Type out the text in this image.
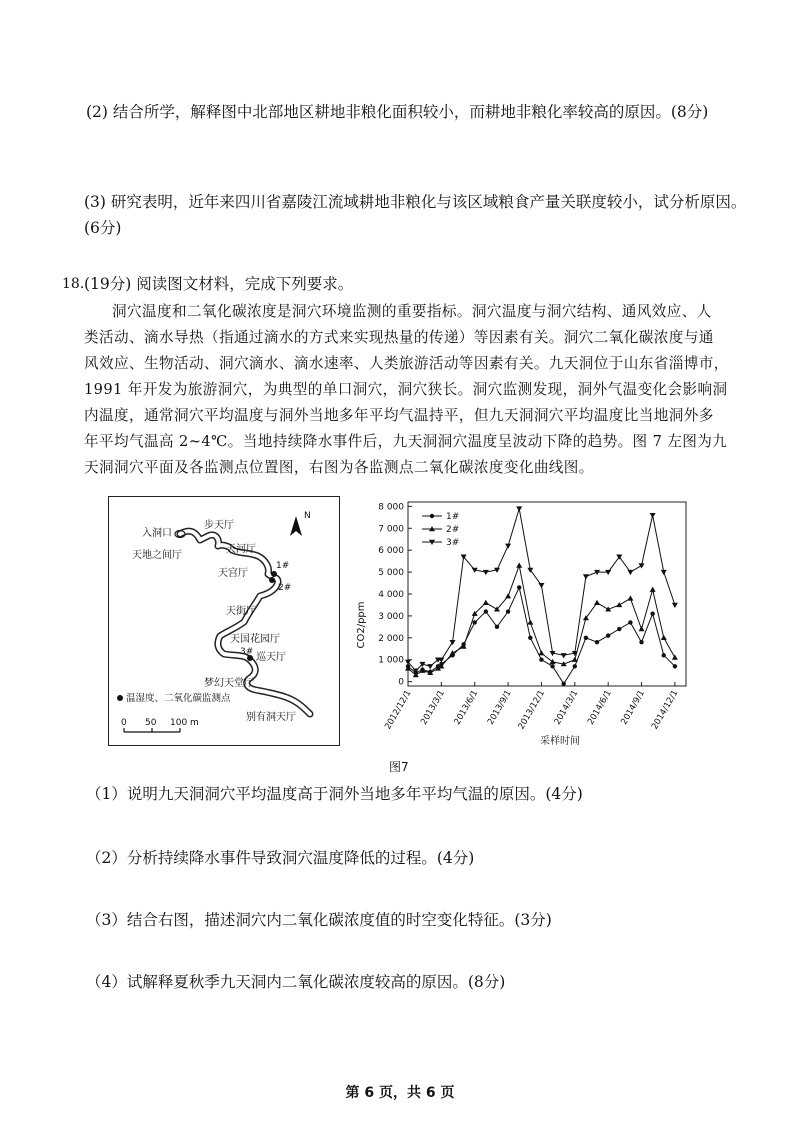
(2) 结合所学，解释图中北部地区耕地非粮化面积较小，而耕地非粮化率较高的原因。(8分)
(3) 研究表明，近年来四川省嘉陵江流域耕地非粮化与该区域粮食产量关联度较小，试分析原因。
(6分)
18. (19分) 阅读图文材料，完成下列要求。
洞穴温度和二氧化碳浓度是洞穴环境监测的重要指标。洞穴温度与洞穴结构、通风效应、人
类活动、滴水导热（指通过滴水的方式来实现热量的传递）等因素有关。洞穴二氧化碳浓度与通
风效应、生物活动、洞穴滴水、滴水速率、人类旅游活动等因素有关。九天洞位于山东省淄博市，
1991 年开发为旅游洞穴，为典型的单口洞穴，洞穴狭长。洞穴监测发现，洞外气温变化会影响洞
内温度，通常洞穴平均温度与洞外当地多年平均气温持平，但九天洞洞穴平均温度比当地洞外多
年平均气温高 2~4℃。当地持续降水事件后，九天洞洞穴温度呈波动下降的趋势。图 7 左图为九
天洞洞穴平面及各监测点位置图，右图为各监测点二氧化碳浓度变化曲线图。
入洞口
步天厅
天河厅
天地之间厅
天宫厅
1#
2#
天街厅
天国花园厅
3# 巡天厅
梦幻天堂厅
别有洞天厅
N
温湿度、二氧化碳监测点
0 50 100 m
0
1 000
2 000
3 000
4 000
5 000
6 000
7 000
8 000
2012/12/1 2013/3/1 2013/6/1 2013/9/1 2013/12/1 2014/3/1 2014/6/1 2014/9/1 2014/12/1
1#
2#
3#
CO2/ppm
采样时间
图7
（1）说明九天洞洞穴平均温度高于洞外当地多年平均气温的原因。(4分)
（2）分析持续降水事件导致洞穴温度降低的过程。(4分)
（3）结合右图，描述洞穴内二氧化碳浓度值的时空变化特征。(3分)
（4）试解释夏秋季九天洞内二氧化碳浓度较高的原因。(8分)
第 6 页，共 6 页
